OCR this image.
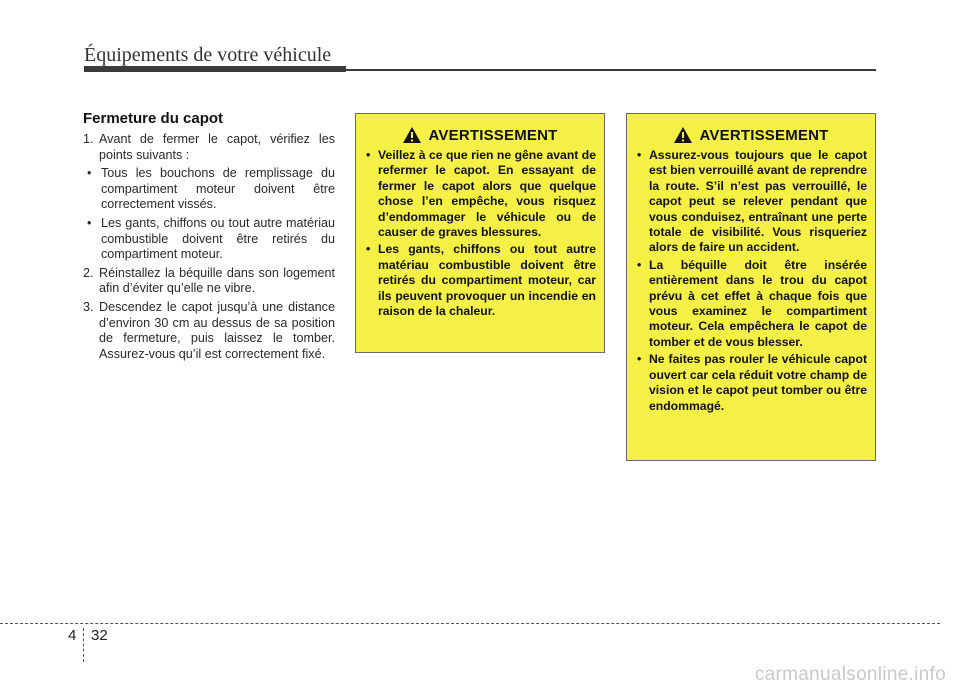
Équipements de votre véhicule
Fermeture du capot
1. Avant de fermer le capot, vérifiez les points suivants :
• Tous les bouchons de remplissage du compartiment moteur doivent être correctement vissés.
• Les gants, chiffons ou tout autre matériau combustible doivent être retirés du compartiment moteur.
2. Réinstallez la béquille dans son logement afin d’éviter qu’elle ne vibre.
3. Descendez le capot jusqu’à une distance d’environ 30 cm au dessus de sa position de fermeture, puis laissez le tomber. Assurez-vous qu’il est correctement fixé.
AVERTISSEMENT
• Veillez à ce que rien ne gêne avant de refermer le capot. En essayant de fermer le capot alors que quelque chose l’en empêche, vous risquez d’endommager le véhicule ou de causer de graves blessures.
• Les gants, chiffons ou tout autre matériau combustible doivent être retirés du compartiment moteur, car ils peuvent provoquer un incendie en raison de la chaleur.
AVERTISSEMENT
• Assurez-vous toujours que le capot est bien verrouillé avant de reprendre la route. S’il n’est pas verrouillé, le capot peut se relever pendant que vous conduisez, entraînant une perte totale de visibilité. Vous risqueriez alors de faire un accident.
• La béquille doit être insérée entièrement dans le trou du capot prévu à cet effet à chaque fois que vous examinez le compartiment moteur. Cela empêchera le capot de tomber et de vous blesser.
• Ne faites pas rouler le véhicule capot ouvert car cela réduit votre champ de vision et le capot peut tomber ou être endommagé.
4 32
carmanualsonline.info
